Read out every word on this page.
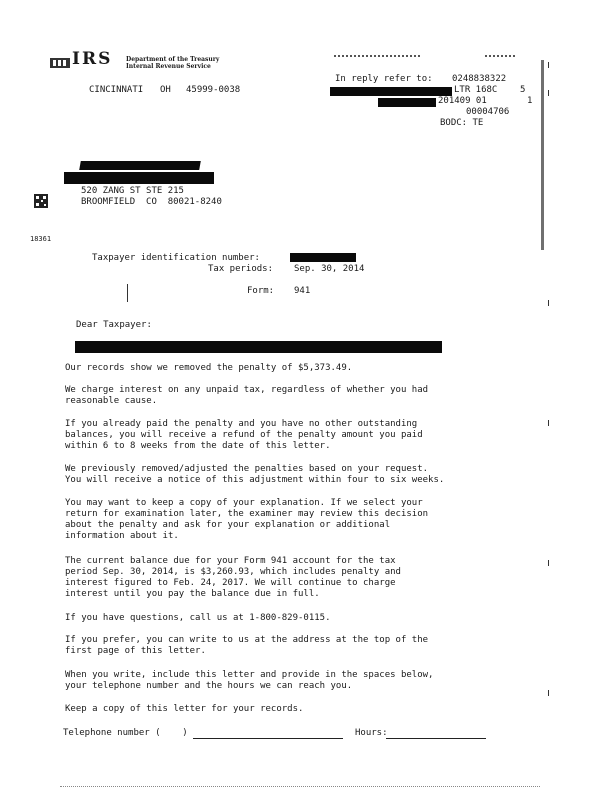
IRS Department of the Treasury
Internal Revenue Service
CINCINNATI OH 45999-0038
In reply refer to: 0248838322
LTR 168C	5
201409 01	1
00004706
BODC: TE
520 ZANG ST STE 215
BROOMFIELD  CO  80021-8240
18361
Taxpayer identification number:
Tax periods: Sep. 30, 2014
Form: 941
Dear Taxpayer:
Our records show we removed the penalty of $5,373.49.
We charge interest on any unpaid tax, regardless of whether you had
reasonable cause.
If you already paid the penalty and you have no other outstanding
balances, you will receive a refund of the penalty amount you paid
within 6 to 8 weeks from the date of this letter.
We previously removed/adjusted the penalties based on your request.
You will receive a notice of this adjustment within four to six weeks.
You may want to keep a copy of your explanation. If we select your
return for examination later, the examiner may review this decision
about the penalty and ask for your explanation or additional
information about it.
The current balance due for your Form 941 account for the tax
period Sep. 30, 2014, is $3,260.93, which includes penalty and
interest figured to Feb. 24, 2017. We will continue to charge
interest until you pay the balance due in full.
If you have questions, call us at 1-800-829-0115.
If you prefer, you can write to us at the address at the top of the
first page of this letter.
When you write, include this letter and provide in the spaces below,
your telephone number and the hours we can reach you.
Keep a copy of this letter for your records.
Telephone number (    )	Hours:
